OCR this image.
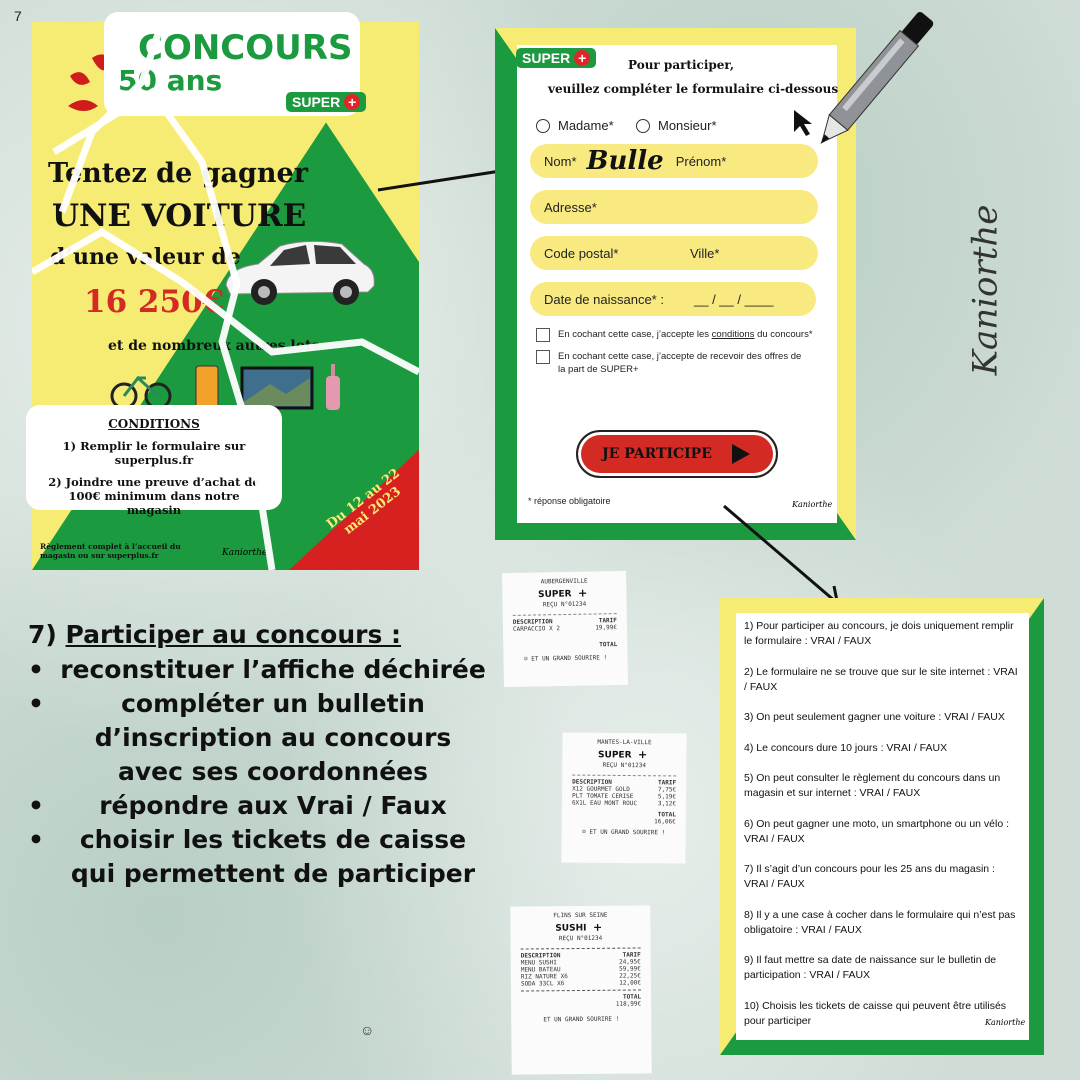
7
CONCOURS
50 ans
SUPER +
Tentez de gagner
UNE VOITURE
d’une valeur de
16 250€
et de nombreux autres lots
CONDITIONS
1) Remplir le formulaire sur superplus.fr
2) Joindre une preuve d’achat de 100€ minimum dans notre magasin
Règlement complet à l’accueil du magasin ou sur superplus.fr
Du 12 au 22 mai 2023
Kaniorthe
SUPER +	Pour participer,
veuillez compléter le formulaire ci-dessous
Madame*	Monsieur*
Nom* Bulle Prénom*
Adresse*
Code postal*	Ville*
Date de naissance* :	__ / __ / ____
En cochant cette case, j’accepte les conditions du concours*
En cochant cette case, j’accepte de recevoir des offres de la part de SUPER+
JE PARTICIPE
* réponse obligatoire	Kaniorthe
Kaniorthe
AUBERGENVILLE
SUPER +
REÇU N°01234
DESCRIPTION	TARIF
CARPACCIO X 2	19,99€
TOTAL
☺ ET UN GRAND SOURIRE !
MANTES-LA-VILLE
SUPER +
REÇU N°01234
DESCRIPTION	TARIF
X12 GOURMET GOLD	7,75€
PLT TOMATE CERISE	5,19€
6X1L EAU MONT ROUC	3,12€
TOTAL
16,06€
☺ ET UN GRAND SOURIRE !
FLINS SUR SEINE
SUSHI +
REÇU N°01234
DESCRIPTION	TARIF
MENU SUSHI	24,95€
MENU BATEAU	59,99€
RIZ NATURE X6	22,25€
SODA 33CL X6	12,00€
TOTAL
118,99€
ET UN GRAND SOURIRE !

1) Pour participer au concours, je dois uniquement remplir le formulaire : VRAI / FAUX

2) Le formulaire ne se trouve que sur le site internet : VRAI / FAUX

3) On peut seulement gagner une voiture : VRAI / FAUX

4) Le concours dure 10 jours : VRAI / FAUX

5) On peut consulter le règlement du concours dans un magasin et sur internet : VRAI / FAUX

6) On peut gagner une moto, un smartphone ou un vélo : VRAI / FAUX

7) Il s’agit d’un concours pour les 25 ans du magasin : VRAI / FAUX

8) Il y a une case à cocher dans le formulaire qui n’est pas obligatoire : VRAI / FAUX

9) Il faut mettre sa date de naissance sur le bulletin de participation : VRAI / FAUX

10) Choisis les tickets de caisse qui peuvent être utilisés pour participer	Kaniorthe
7) Participer au concours :
• reconstituer l’affiche déchirée
• compléter un bulletin d’inscription au concours avec ses coordonnées
• répondre aux Vrai / Faux
• choisir les tickets de caisse qui permettent de participer
☺
